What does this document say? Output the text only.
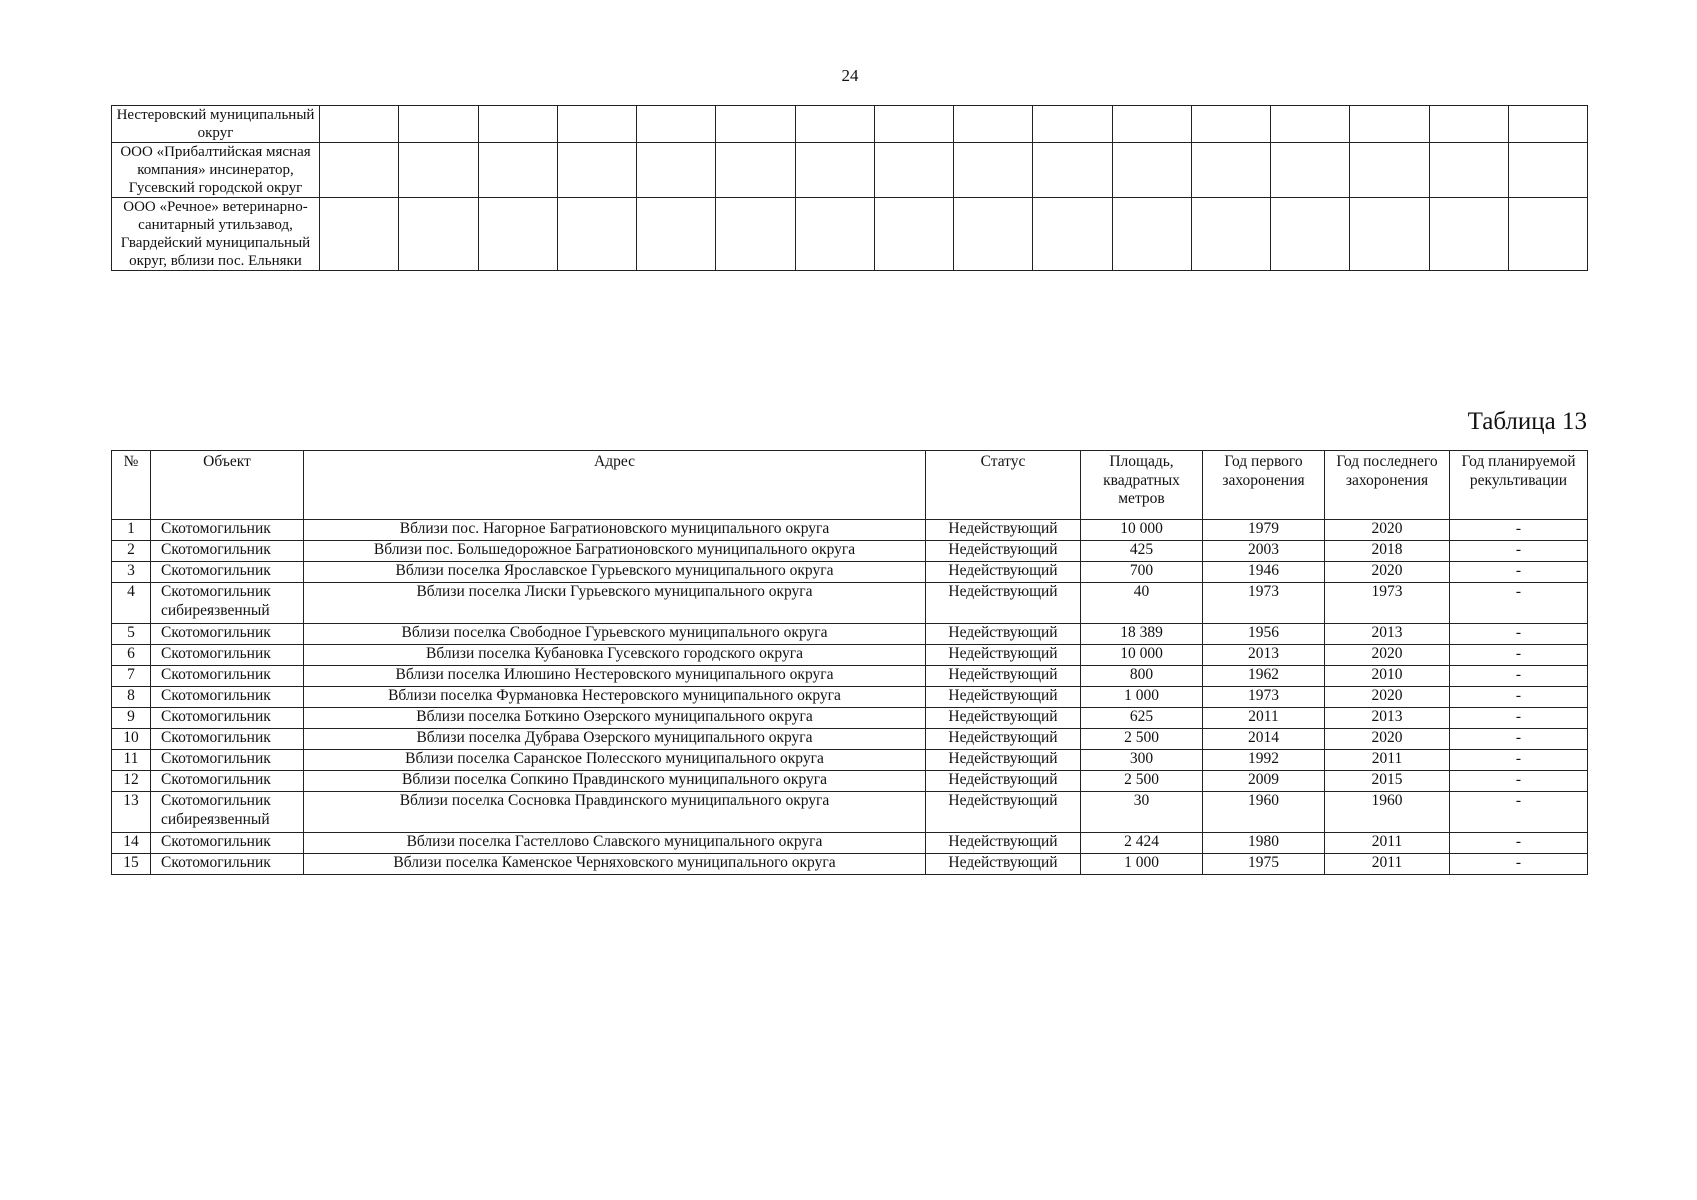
24
Нестеровский муниципальный округ																
ООО «Прибалтийская мясная компания» инсинератор, Гусевский городской округ																
ООО «Речное» ветеринарно-санитарный утильзавод, Гвардейский муниципальный округ, вблизи пос. Ельняки																
Таблица 13
№	Объект	Адрес	Статус	Площадь, квадратных метров	Год первого захоронения	Год последнего захоронения	Год планируемой рекультивации
1	Скотомогильник	Вблизи пос. Нагорное Багратионовского муниципального округа	Недействующий	10 000	1979	2020	-
2	Скотомогильник	Вблизи пос. Большедорожное Багратионовского муниципального округа	Недействующий	425	2003	2018	-
3	Скотомогильник	Вблизи поселка Ярославское Гурьевского муниципального округа	Недействующий	700	1946	2020	-
4	Скотомогильник сибиреязвенный	Вблизи поселка Лиски Гурьевского муниципального округа	Недействующий	40	1973	1973	-
5	Скотомогильник	Вблизи поселка Свободное Гурьевского муниципального округа	Недействующий	18 389	1956	2013	-
6	Скотомогильник	Вблизи поселка Кубановка Гусевского городского округа	Недействующий	10 000	2013	2020	-
7	Скотомогильник	Вблизи поселка Илюшино Нестеровского муниципального округа	Недействующий	800	1962	2010	-
8	Скотомогильник	Вблизи поселка Фурмановка Нестеровского муниципального округа	Недействующий	1 000	1973	2020	-
9	Скотомогильник	Вблизи поселка Боткино Озерского муниципального округа	Недействующий	625	2011	2013	-
10	Скотомогильник	Вблизи поселка Дубрава Озерского муниципального округа	Недействующий	2 500	2014	2020	-
11	Скотомогильник	Вблизи поселка Саранское Полесского муниципального округа	Недействующий	300	1992	2011	-
12	Скотомогильник	Вблизи поселка Сопкино Правдинского муниципального округа	Недействующий	2 500	2009	2015	-
13	Скотомогильник сибиреязвенный	Вблизи поселка Сосновка Правдинского муниципального округа	Недействующий	30	1960	1960	-
14	Скотомогильник	Вблизи поселка Гастеллово Славского муниципального округа	Недействующий	2 424	1980	2011	-
15	Скотомогильник	Вблизи поселка Каменское Черняховского муниципального округа	Недействующий	1 000	1975	2011	-
